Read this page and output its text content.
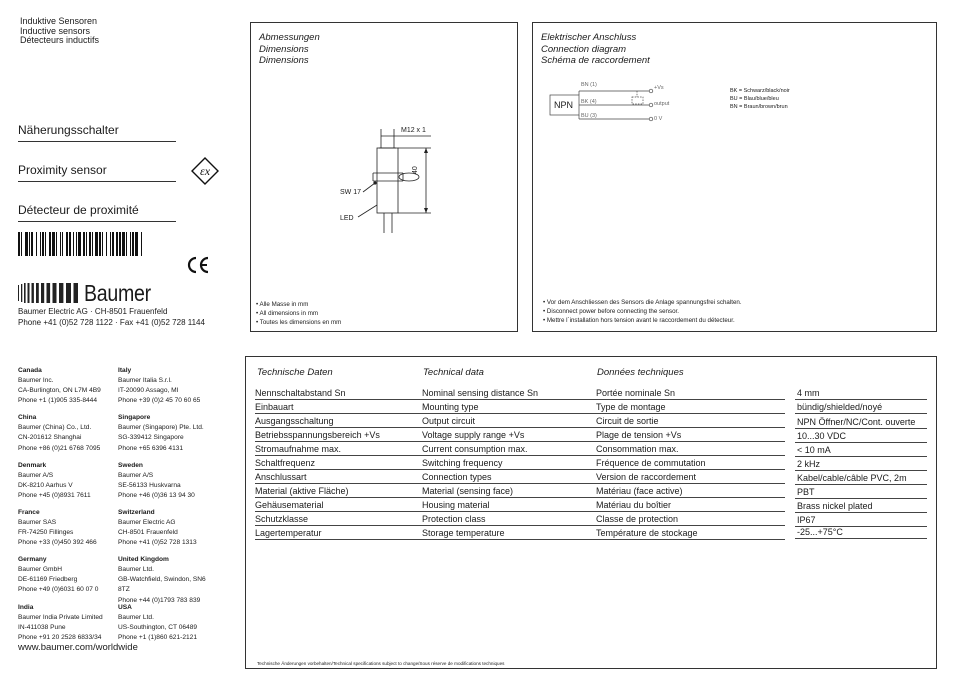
Induktive Sensoren
Inductive sensors
Détecteurs inductifs
Näherungsschalter
Proximity sensor
Détecteur de proximité
εx
Baumer
Baumer Electric AG · CH-8501 Frauenfeld
Phone +41 (0)52 728 1122 · Fax +41 (0)52 728 1144
Abmessungen
Dimensions
Dimensions
M12 x 1
40
SW 17
LED
• Alle Masse in mm
• All dimensions in mm
• Toutes les dimensions en mm
Elektrischer Anschluss
Connection diagram
Schéma de raccordement
NPN
BN (1)
BK (4)
BU (3)
+Vs
output
0 V
BK = Schwarz/black/noir
BU = Blau/blue/bleu
BN = Braun/brown/brun
• Vor dem Anschliessen des Sensors die Anlage spannungsfrei schalten.
• Disconnect power before connecting the sensor.
• Mettre l´installation hors tension avant le raccordement du détecteur.
Canada
Baumer Inc.
CA-Burlington, ON L7M 4B9
Phone +1 (1)905 335-8444
Italy
Baumer Italia S.r.l.
IT-20090 Assago, MI
Phone +39 (0)2 45 70 60 65
China
Baumer (China) Co., Ltd.
CN-201612 Shanghai
Phone +86 (0)21 6768 7095
Singapore
Baumer (Singapore) Pte. Ltd.
SG-339412 Singapore
Phone +65 6396 4131
Denmark
Baumer A/S
DK-8210 Aarhus V
Phone +45 (0)8931 7611
Sweden
Baumer A/S
SE-56133 Huskvarna
Phone +46 (0)36 13 94 30
France
Baumer SAS
FR-74250 Fillinges
Phone +33 (0)450 392 466
Switzerland
Baumer Electric AG
CH-8501 Frauenfeld
Phone +41 (0)52 728 1313
Germany
Baumer GmbH
DE-61169 Friedberg
Phone +49 (0)6031 60 07 0
United Kingdom
Baumer Ltd.
GB-Watchfield, Swindon, SN6 8TZ
Phone +44 (0)1793 783 839
India
Baumer India Private Limited
IN-411038 Pune
Phone +91 20 2528 6833/34
USA
Baumer Ltd.
US-Southington, CT 06489
Phone +1 (1)860 621-2121
www.baumer.com/worldwide
Technische Daten	Technical data	Données techniques
Technische Änderungen vorbehalten/Technical specifications subject to change/Sous réserve de modifications techniques
Nennschaltabstand Sn	Nominal sensing distance Sn	Portée nominale Sn	4 mm
Einbauart	Mounting type	Type de montage	bündig/shielded/noyé
Ausgangsschaltung	Output circuit	Circuit de sortie	NPN Öffner/NC/Cont. ouverte
Betriebsspannungsbereich +Vs	Voltage supply range +Vs	Plage de tension +Vs	10...30 VDC
Stromaufnahme max.	Current consumption max.	Consommation max.	< 10 mA
Schaltfrequenz	Switching frequency	Fréquence de commutation	2 kHz
Anschlussart	Connection types	Version de raccordement	Kabel/cable/câble PVC, 2m
Material (aktive Fläche)	Material (sensing face)	Matériau (face active)	PBT
Gehäusematerial	Housing material	Matériau du boîtier	Brass nickel plated
Schutzklasse	Protection class	Classe de protection	IP67
Lagertemperatur	Storage temperature	Température de stockage	-25...+75°C
